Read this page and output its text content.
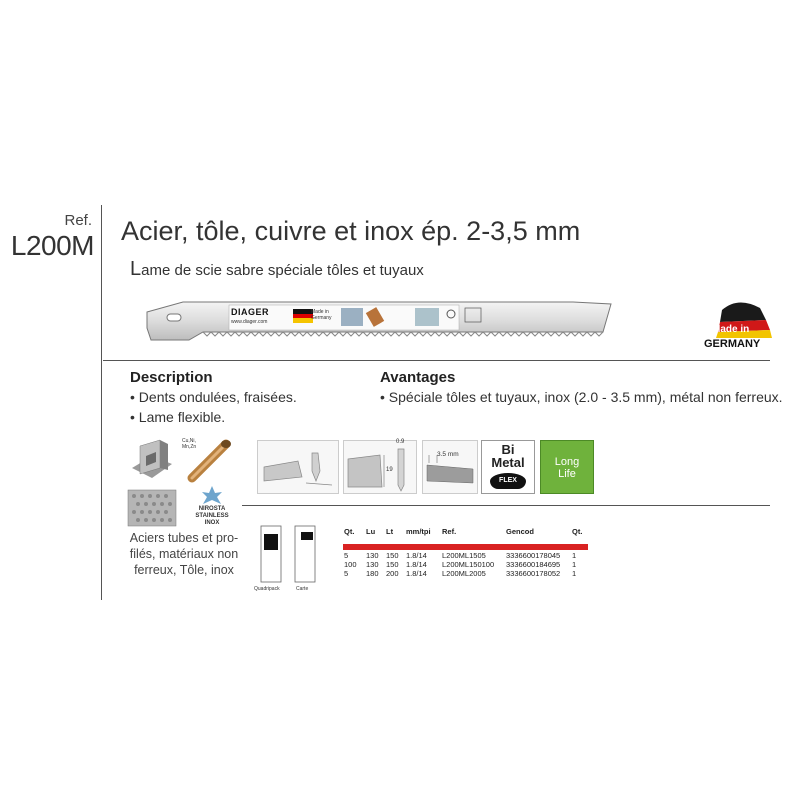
Ref.
L200M Acier, tôle, cuivre et inox ép. 2-3,5 mm
Lame de scie sabre spéciale tôles et tuyaux
DIAGER
www.diager.com
Made in
Germany
Made in
GERMANY
Description
• Dents ondulées, fraisées.
• Lame flexible.
Avantages
• Spéciale tôles et tuyaux, inox (2.0 - 3.5 mm), métal non ferreux.
Cu,Ni, Mn,Zn
NIROSTA
STAINLESS
INOX
Aciers tubes et pro- filés, matériaux non ferreux, Tôle, inox
0.9
19
3.5 mm	Bi
Metal
FLEX
Long
Life
Quadripack	Carte
Qt.	Lu	Lt	mm/tpi	Ref.	Gencod	Qt.

5	130	150	1.8/14	L200ML1505	3336600178045	1
100	130	150	1.8/14	L200ML150100	3336600184695	1
5	180	200	1.8/14	L200ML2005	3336600178052	1
